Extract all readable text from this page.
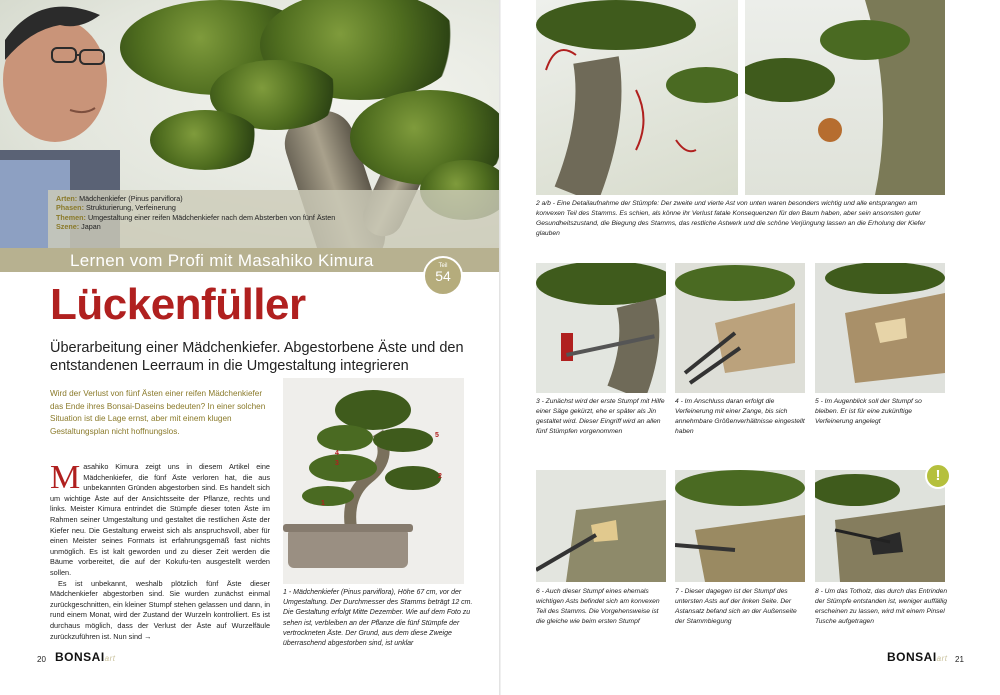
Arten: Mädchenkiefer (Pinus parviflora)
Phasen: Strukturierung, Verfeinerung
Themen: Umgestaltung einer reifen Mädchenkiefer nach dem Absterben von fünf Ästen
Szene: Japan
Lernen vom Profi mit Masahiko Kimura	Teil
54
Lückenfüller
Überarbeitung einer Mädchenkiefer. Abgestorbene Äste und den entstandenen Leerraum in die Umgestaltung integrieren
Wird der Verlust von fünf Ästen einer reifen Mädchenkiefer das Ende ihres Bonsai-Daseins bedeuten? In einer solchen Situation ist die Lage ernst, aber mit einem klugen Gestaltungsplan nicht hoffnungslos.

Masahiko Kimura zeigt uns in diesem Artikel eine Mädchenkiefer, die fünf Äste verloren hat, die aus unbekannten Gründen abgestorben sind. Es handelt sich um wichtige Äste auf der Ansichtsseite der Pflanze, rechts und links. Meister Kimura entrindet die Stümpfe dieser toten Äste im Rahmen seiner Umgestaltung und gestaltet die restlichen Äste der Kiefer neu. Die Gestaltung erweist sich als anspruchsvoll, aber für einen Meister seines Formats ist erfahrungsgemäß fast nichts unmöglich. Es ist kalt geworden und zu dieser Zeit werden die Bäume vorbereitet, die auf der Kokufu-ten ausgestellt werden sollen.

Es ist unbekannt, weshalb plötzlich fünf Äste dieser Mädchenkiefer abgestorben sind. Sie wurden zunächst einmal zurückgeschnitten, ein kleiner Stumpf stehen gelassen und dann, in rund einem Monat, wird der Zustand der Wurzeln kontrolliert. Es ist durchaus möglich, dass der Verlust der Äste auf Wurzelfäule zurückzuführen ist. Nun sind →

1
2
3
4
5
1 - Mädchenkiefer (Pinus parviflora), Höhe 67 cm, vor der Umgestaltung. Der Durchmesser des Stamms beträgt 12 cm. Die Gestaltung erfolgt Mitte Dezember. Wie auf dem Foto zu sehen ist, verbleiben an der Pflanze die fünf Stümpfe der vertrockneten Äste. Der Grund, aus dem diese Zweige überraschend abgestorben sind, ist unklar
20 BONSAIart
2 a/b - Eine Detailaufnahme der Stümpfe: Der zweite und vierte Ast von unten waren besonders wichtig und alle entsprangen am konvexen Teil des Stamms. Es schien, als könne ihr Verlust fatale Konsequenzen für den Baum haben, aber sein ansonsten guter Gesundheitszustand, die Biegung des Stamms, das restliche Astwerk und die schöne Verjüngung lassen an die Erholung der Kiefer glauben
3 - Zunächst wird der erste Stumpf mit Hilfe einer Säge gekürzt, ehe er später als Jin gestaltet wird. Dieser Eingriff wird an allen fünf Stümpfen vorgenommen
4 - Im Anschluss daran erfolgt die Verfeinerung mit einer Zange, bis sich annehmbare Größenverhältnisse eingestellt haben
5 - Im Augenblick soll der Stumpf so bleiben. Er ist für eine zukünftige Verfeinerung angelegt
!
6 - Auch dieser Stumpf eines ehemals wichtigen Asts befindet sich am konvexen Teil des Stamms. Die Vorgehensweise ist die gleiche wie beim ersten Stumpf
7 - Dieser dagegen ist der Stumpf des untersten Asts auf der linken Seite. Der Astansatz befand sich an der Außenseite der Stammbiegung
8 - Um das Totholz, das durch das Entrinden der Stümpfe entstanden ist, weniger auffällig erscheinen zu lassen, wird mit einem Pinsel Tusche aufgetragen
BONSAIart 21
